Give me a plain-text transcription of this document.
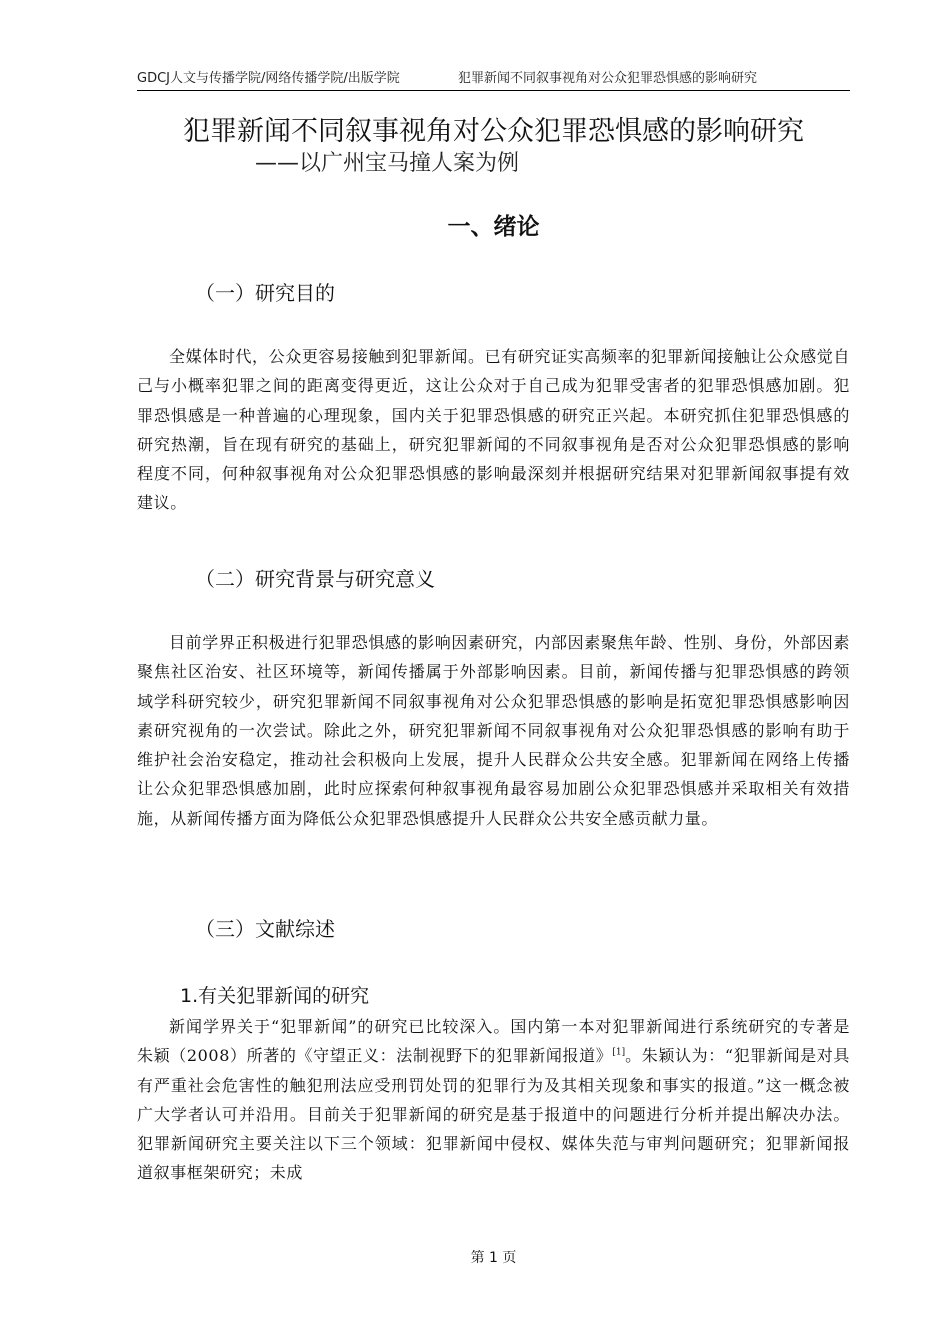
GDCJ人文与传播学院/网络传播学院/出版学院	犯罪新闻不同叙事视角对公众犯罪恐惧感的影响研究
犯罪新闻不同叙事视角对公众犯罪恐惧感的影响研究
——以广州宝马撞人案为例
一、绪论
（一）研究目的

全媒体时代，公众更容易接触到犯罪新闻。已有研究证实高频率的犯罪新闻接触让公众感觉自己与小概率犯罪之间的距离变得更近，这让公众对于自己成为犯罪受害者的犯罪恐惧感加剧。犯罪恐惧感是一种普遍的心理现象，国内关于犯罪恐惧感的研究正兴起。本研究抓住犯罪恐惧感的研究热潮，旨在现有研究的基础上，研究犯罪新闻的不同叙事视角是否对公众犯罪恐惧感的影响程度不同，何种叙事视角对公众犯罪恐惧感的影响最深刻并根据研究结果对犯罪新闻叙事提有效建议。

（二）研究背景与研究意义

目前学界正积极进行犯罪恐惧感的影响因素研究，内部因素聚焦年龄、性别、身份，外部因素聚焦社区治安、社区环境等，新闻传播属于外部影响因素。目前，新闻传播与犯罪恐惧感的跨领域学科研究较少，研究犯罪新闻不同叙事视角对公众犯罪恐惧感的影响是拓宽犯罪恐惧感影响因素研究视角的一次尝试。除此之外，研究犯罪新闻不同叙事视角对公众犯罪恐惧感的影响有助于维护社会治安稳定，推动社会积极向上发展，提升人民群众公共安全感。犯罪新闻在网络上传播让公众犯罪恐惧感加剧，此时应探索何种叙事视角最容易加剧公众犯罪恐惧感并采取相关有效措施，从新闻传播方面为降低公众犯罪恐惧感提升人民群众公共安全感贡献力量。

（三）文献综述
1.有关犯罪新闻的研究

新闻学界关于“犯罪新闻”的研究已比较深入。国内第一本对犯罪新闻进行系统研究的专著是朱颖（2008）所著的《守望正义：法制视野下的犯罪新闻报道》[1]。朱颖认为：“犯罪新闻是对具有严重社会危害性的触犯刑法应受刑罚处罚的犯罪行为及其相关现象和事实的报道。”这一概念被广大学者认可并沿用。目前关于犯罪新闻的研究是基于报道中的问题进行分析并提出解决办法。犯罪新闻研究主要关注以下三个领域：犯罪新闻中侵权、媒体失范与审判问题研究；犯罪新闻报道叙事框架研究；未成

第 1 页
